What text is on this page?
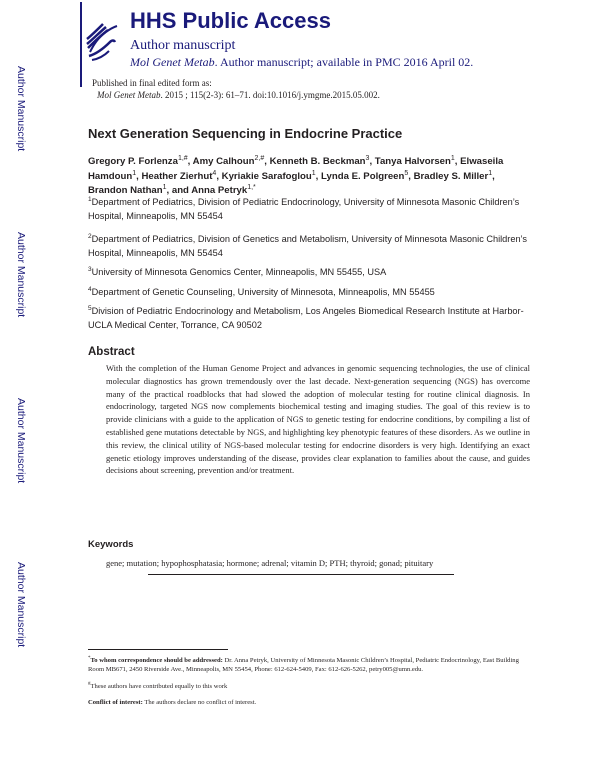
Author Manuscript
Author Manuscript
Author Manuscript
Author Manuscript
HHS Public Access
Author manuscript
Mol Genet Metab. Author manuscript; available in PMC 2016 April 02.
Published in final edited form as:
Mol Genet Metab. 2015 ; 115(2-3): 61–71. doi:10.1016/j.ymgme.2015.05.002.
Next Generation Sequencing in Endocrine Practice
Gregory P. Forlenza$^{1,\#}$, Amy Calhoun$^{2,\#}$, Kenneth B. Beckman$^3$, Tanya Halvorsen$^1$, Elwaseila Hamdoun$^1$, Heather Zierhut$^4$, Kyriakie Sarafoglou$^1$, Lynda E. Polgreen$^5$, Bradley S. Miller$^1$, Brandon Nathan$^1$, and Anna Petryk$^{1,*}$
$^1$Department of Pediatrics, Division of Pediatric Endocrinology, University of Minnesota Masonic Children’s Hospital, Minneapolis, MN 55454
$^2$Department of Pediatrics, Division of Genetics and Metabolism, University of Minnesota Masonic Children’s Hospital, Minneapolis, MN 55454
$^3$University of Minnesota Genomics Center, Minneapolis, MN 55455, USA
$^4$Department of Genetic Counseling, University of Minnesota, Minneapolis, MN 55455
$^5$Division of Pediatric Endocrinology and Metabolism, Los Angeles Biomedical Research Institute at Harbor-UCLA Medical Center, Torrance, CA 90502
Abstract
With the completion of the Human Genome Project and advances in genomic sequencing technologies, the use of clinical molecular diagnostics has grown tremendously over the last decade. Next-generation sequencing (NGS) has overcome many of the practical roadblocks that had slowed the adoption of molecular testing for routine clinical diagnosis. In endocrinology, targeted NGS now complements biochemical testing and imaging studies. The goal of this review is to provide clinicians with a guide to the application of NGS to genetic testing for endocrine conditions, by compiling a list of established gene mutations detectable by NGS, and highlighting key phenotypic features of these disorders. As we outline in this review, the clinical utility of NGS-based molecular testing for endocrine disorders is very high. Identifying an exact genetic etiology improves understanding of the disease, provides clear explanation to families about the cause, and guides decisions about screening, prevention and/or treatment.
Keywords
gene; mutation; hypophosphatasia; hormone; adrenal; vitamin D; PTH; thyroid; gonad; pituitary
*To whom correspondence should be addressed: Dr. Anna Petryk, University of Minnesota Masonic Children’s Hospital, Pediatric Endocrinology, East Building Room MB671, 2450 Riverside Ave., Minneapolis, MN 55454, Phone: 612-624-5409, Fax: 612-626-5262, petry005@umn.edu.
#These authors have contributed equally to this work
Conflict of interest: The authors declare no conflict of interest.
